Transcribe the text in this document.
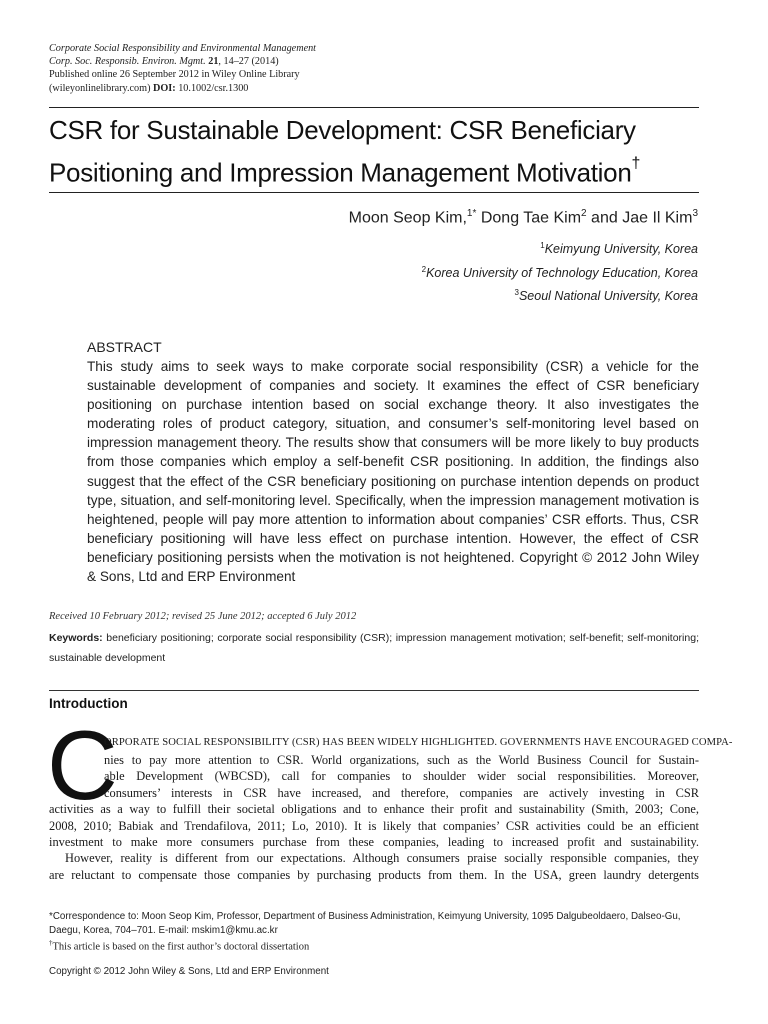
Corporate Social Responsibility and Environmental Management
Corp. Soc. Responsib. Environ. Mgmt. 21, 14–27 (2014)
Published online 26 September 2012 in Wiley Online Library
(wileyonlinelibrary.com) DOI: 10.1002/csr.1300
CSR for Sustainable Development: CSR Beneficiary
Positioning and Impression Management Motivation†
Moon Seop Kim,$^{1*}$ Dong Tae Kim$^2$ and Jae Il Kim$^3$
$^1$Keimyung University, Korea
$^2$Korea University of Technology Education, Korea
$^3$Seoul National University, Korea
ABSTRACT

This study aims to seek ways to make corporate social responsibility (CSR) a vehicle for the sustainable development of companies and society. It examines the effect of CSR beneficiary positioning on purchase intention based on social exchange theory. It also investigates the moderating roles of product category, situation, and consumer’s self-monitoring level based on impression management theory. The results show that consumers will be more likely to buy products from those companies which employ a self-benefit CSR positioning. In addition, the findings also suggest that the effect of the CSR beneficiary positioning on purchase intention depends on product type, situation, and self-monitoring level. Specifically, when the impression management motivation is heightened, people will pay more attention to information about companies’ CSR efforts. Thus, CSR beneficiary positioning will have less effect on purchase intention. However, the effect of CSR beneficiary positioning persists when the motivation is not heightened. Copyright © 2012 John Wiley & Sons, Ltd and ERP Environment

Received 10 February 2012; revised 25 June 2012; accepted 6 July 2012

Keywords: beneficiary positioning; corporate social responsibility (CSR); impression management motivation; self-benefit; self-monitoring; sustainable development

Introduction
C
ORPORATE SOCIAL RESPONSIBILITY (CSR) HAS BEEN WIDELY HIGHLIGHTED. GOVERNMENTS HAVE ENCOURAGED COMPA-
nies to pay more attention to CSR. World organizations, such as the World Business Council for Sustain-
able Development (WBCSD), call for companies to shoulder wider social responsibilities. Moreover,
consumers’ interests in CSR have increased, and therefore, companies are actively investing in CSR
activities as a way to fulfill their societal obligations and to enhance their profit and sustainability (Smith, 2003; Cone,
2008, 2010; Babiak and Trendafilova, 2011; Lo, 2010). It is likely that companies’ CSR activities could be an efficient
investment to make more consumers purchase from these companies, leading to increased profit and sustainability.
However, reality is different from our expectations. Although consumers praise socially responsible companies, they
are reluctant to compensate those companies by purchasing products from them. In the USA, green laundry detergents
*Correspondence to: Moon Seop Kim, Professor, Department of Business Administration, Keimyung University, 1095 Dalgubeoldaero, Dalseo-Gu,
Daegu, Korea, 704–701. E-mail: mskim1@kmu.ac.kr
†This article is based on the first author’s doctoral dissertation
Copyright © 2012 John Wiley & Sons, Ltd and ERP Environment
